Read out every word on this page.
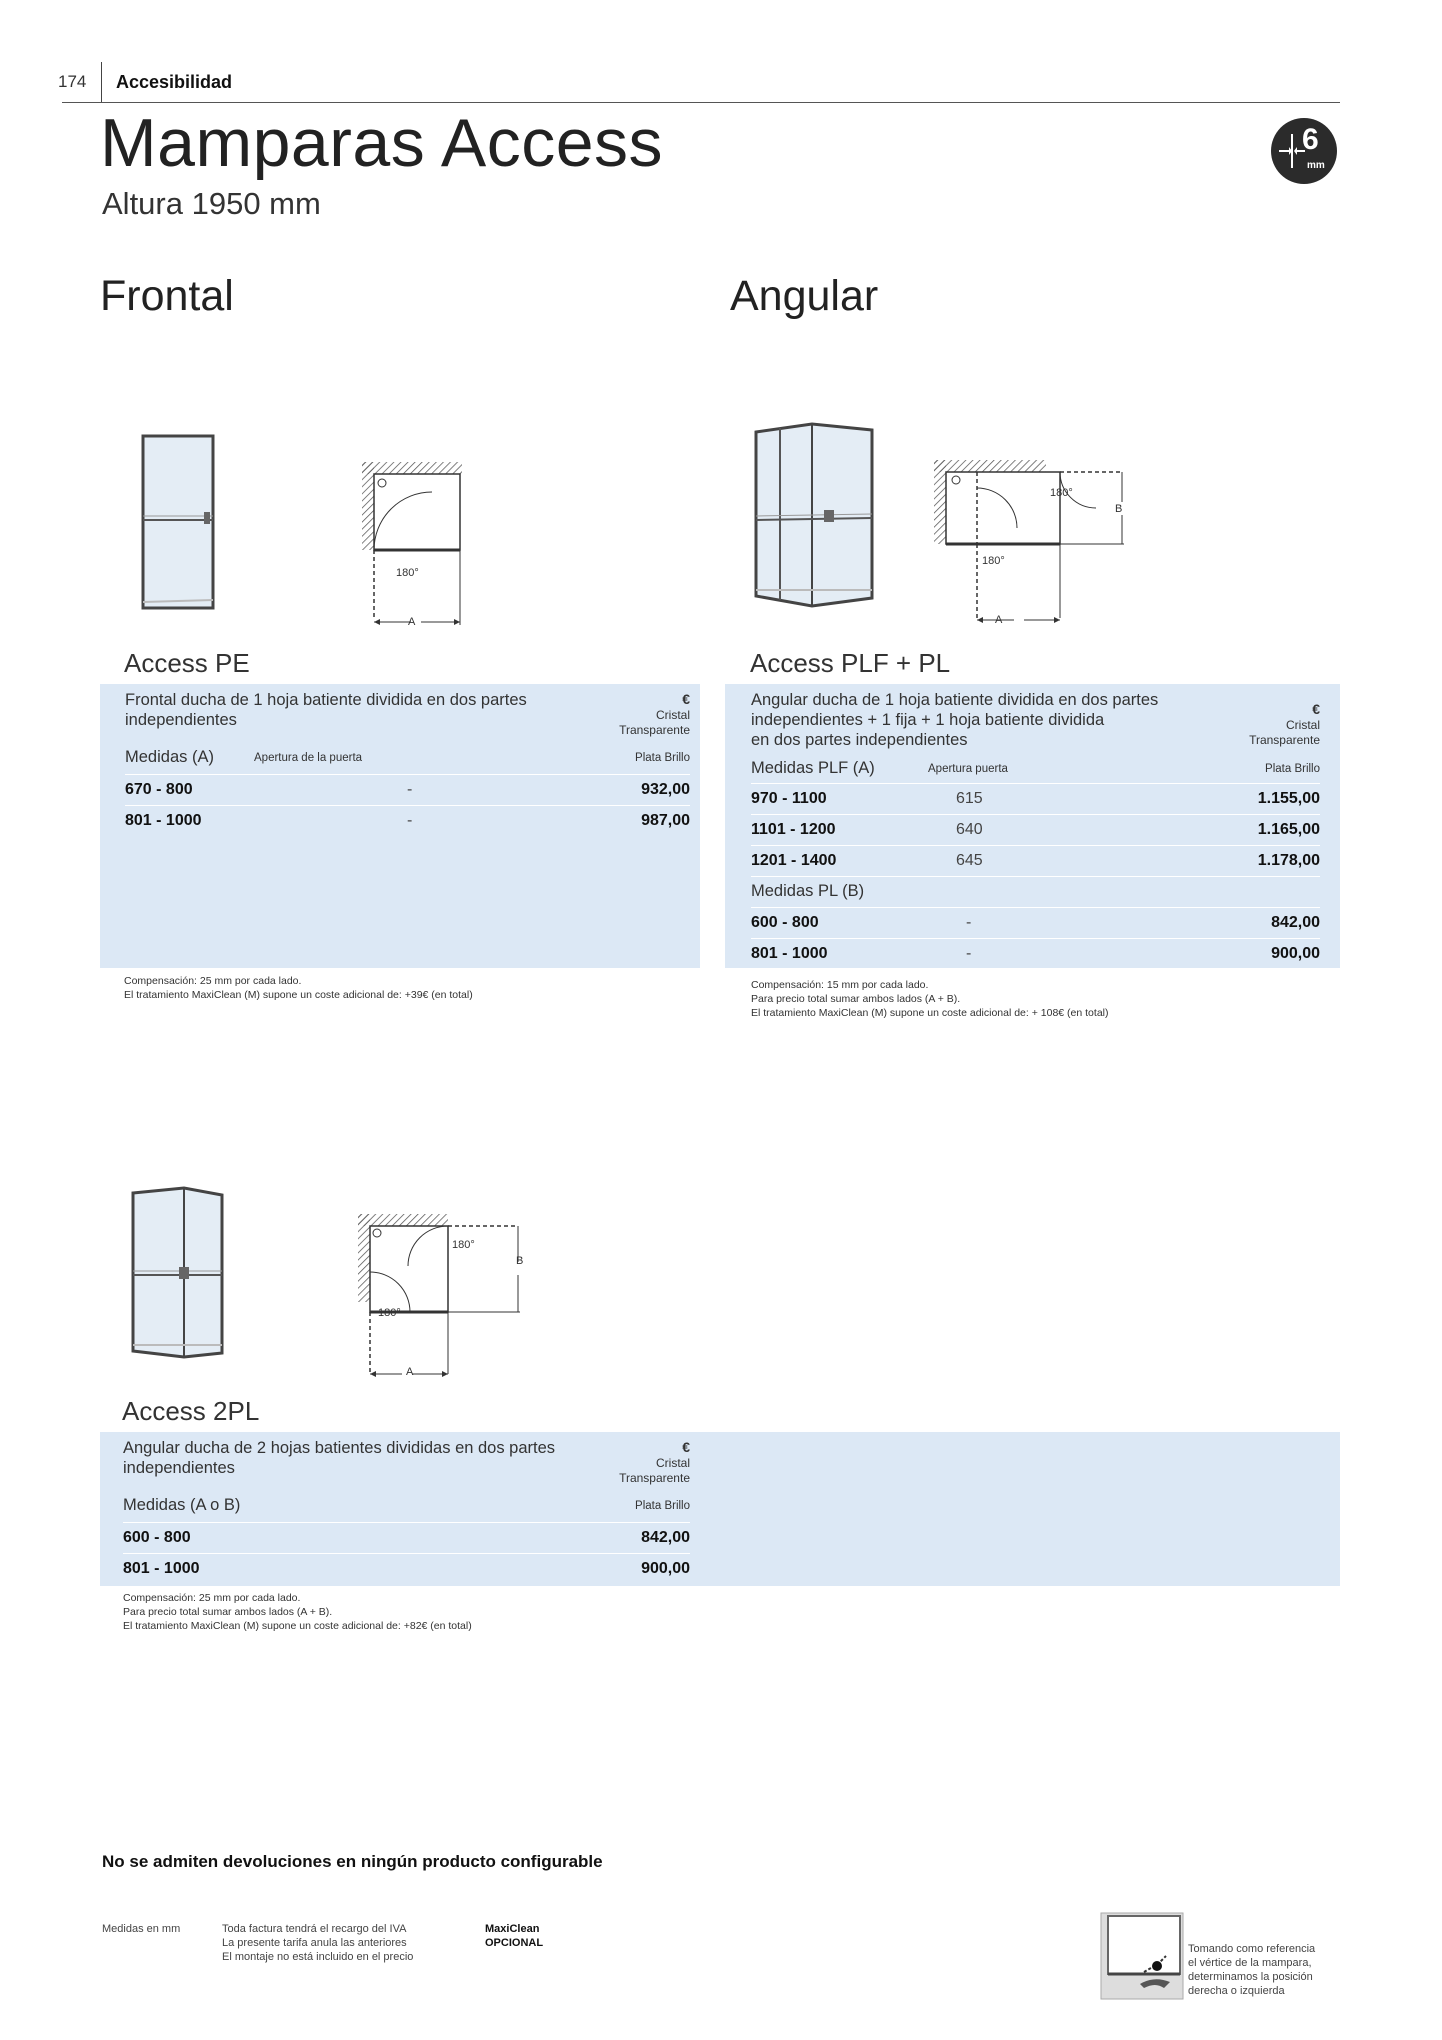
174 Accesibilidad
Mamparas Access
Altura 1950 mm
6
mm
Frontal	Angular
180°
A
Access PE
Frontal ducha de 1 hoja batiente dividida en dos partes
independientes
€
Cristal
Transparente
Medidas (A)	Apertura de la puerta	Plata Brillo
670 - 800	-	932,00
801 - 1000	-	987,00
Compensación: 25 mm por cada lado.
El tratamiento MaxiClean (M) supone un coste adicional de: +39€ (en total)
180°
180°
A
B
Access PLF + PL
Angular ducha de 1 hoja batiente dividida en dos partes
independientes + 1 fija + 1 hoja batiente dividida
en dos partes independientes
€
Cristal
Transparente
Medidas PLF (A)	Apertura puerta	Plata Brillo
970 - 1100	615	1.155,00
1101 - 1200	640	1.165,00
1201 - 1400	645	1.178,00
Medidas PL (B)
600 - 800	-	842,00
801 - 1000	-	900,00
Compensación: 15 mm por cada lado.
Para precio total sumar ambos lados (A + B).
El tratamiento MaxiClean (M) supone un coste adicional de: + 108€ (en total)
180°
180°
A
B
Access 2PL
Angular ducha de 2 hojas batientes divididas en dos partes
independientes
€
Cristal
Transparente
Medidas (A o B)	Plata Brillo
600 - 800	842,00
801 - 1000	900,00
Compensación: 25 mm por cada lado.
Para precio total sumar ambos lados (A + B).
El tratamiento MaxiClean (M) supone un coste adicional de: +82€ (en total)
No se admiten devoluciones en ningún producto configurable
Medidas en mm	Toda factura tendrá el recargo del IVA
La presente tarifa anula las anteriores
El montaje no está incluido en el precio
MaxiClean
OPCIONAL	Tomando como referencia
el vértice de la mampara,
determinamos la posición
derecha o izquierda
